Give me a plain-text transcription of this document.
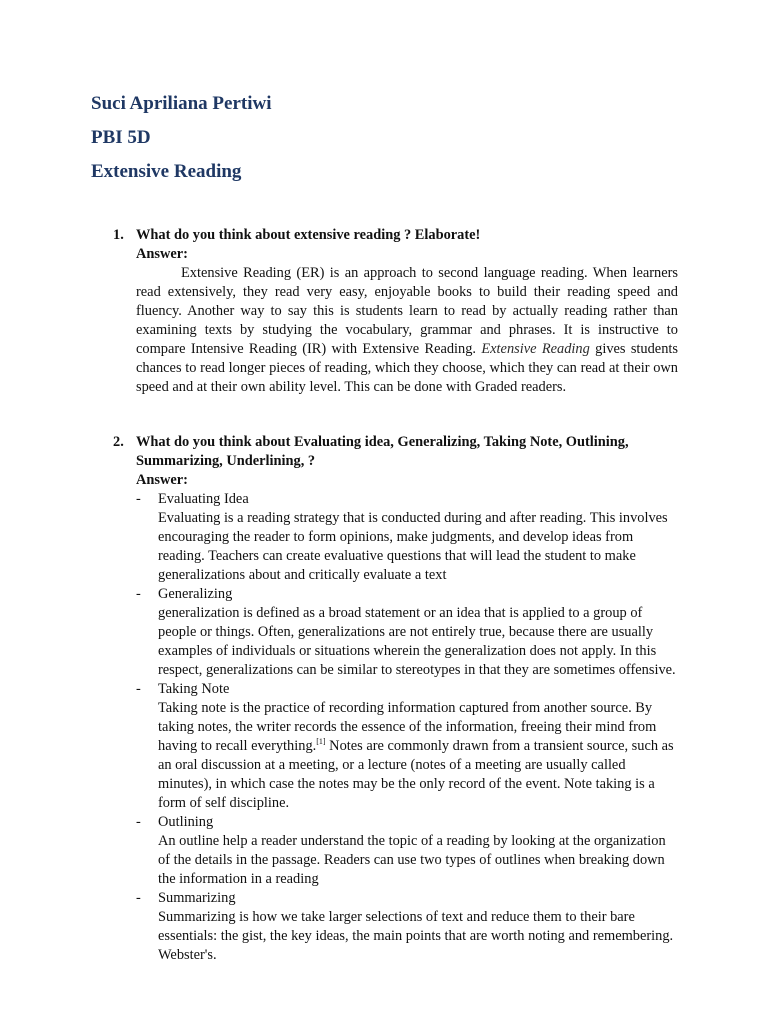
Suci Apriliana Pertiwi
PBI 5D
Extensive Reading
1. What do you think about extensive reading ? Elaborate!
Answer:
Extensive Reading (ER) is an approach to second language reading. When learners read extensively, they read very easy, enjoyable books to build their reading speed and fluency. Another way to say this is students learn to read by actually reading rather than examining texts by studying the vocabulary, grammar and phrases. It is instructive to compare Intensive Reading (IR) with Extensive Reading. Extensive Reading gives students chances to read longer pieces of reading, which they choose, which they can read at their own speed and at their own ability level. This can be done with Graded readers.
2. What do you think about Evaluating idea, Generalizing, Taking Note, Outlining, Summarizing, Underlining, ?
Answer:
-	Evaluating Idea
Evaluating is a reading strategy that is conducted during and after reading. This involves encouraging the reader to form opinions, make judgments, and develop ideas from reading. Teachers can create evaluative questions that will lead the student to make generalizations about and critically evaluate a text
-	Generalizing
generalization is defined as a broad statement or an idea that is applied to a group of people or things. Often, generalizations are not entirely true, because there are usually examples of individuals or situations wherein the generalization does not apply. In this respect, generalizations can be similar to stereotypes in that they are sometimes offensive.
-	Taking Note
Taking note is the practice of recording information captured from another source. By taking notes, the writer records the essence of the information, freeing their mind from having to recall everything.[1] Notes are commonly drawn from a transient source, such as an oral discussion at a meeting, or a lecture (notes of a meeting are usually called minutes), in which case the notes may be the only record of the event. Note taking is a form of self discipline.
-	Outlining
An outline help a reader understand the topic of a reading by looking at the organization of the details in the passage. Readers can use two types of outlines when breaking down the information in a reading
-	Summarizing
Summarizing is how we take larger selections of text and reduce them to their bare essentials: the gist, the key ideas, the main points that are worth noting and remembering. Webster's.
